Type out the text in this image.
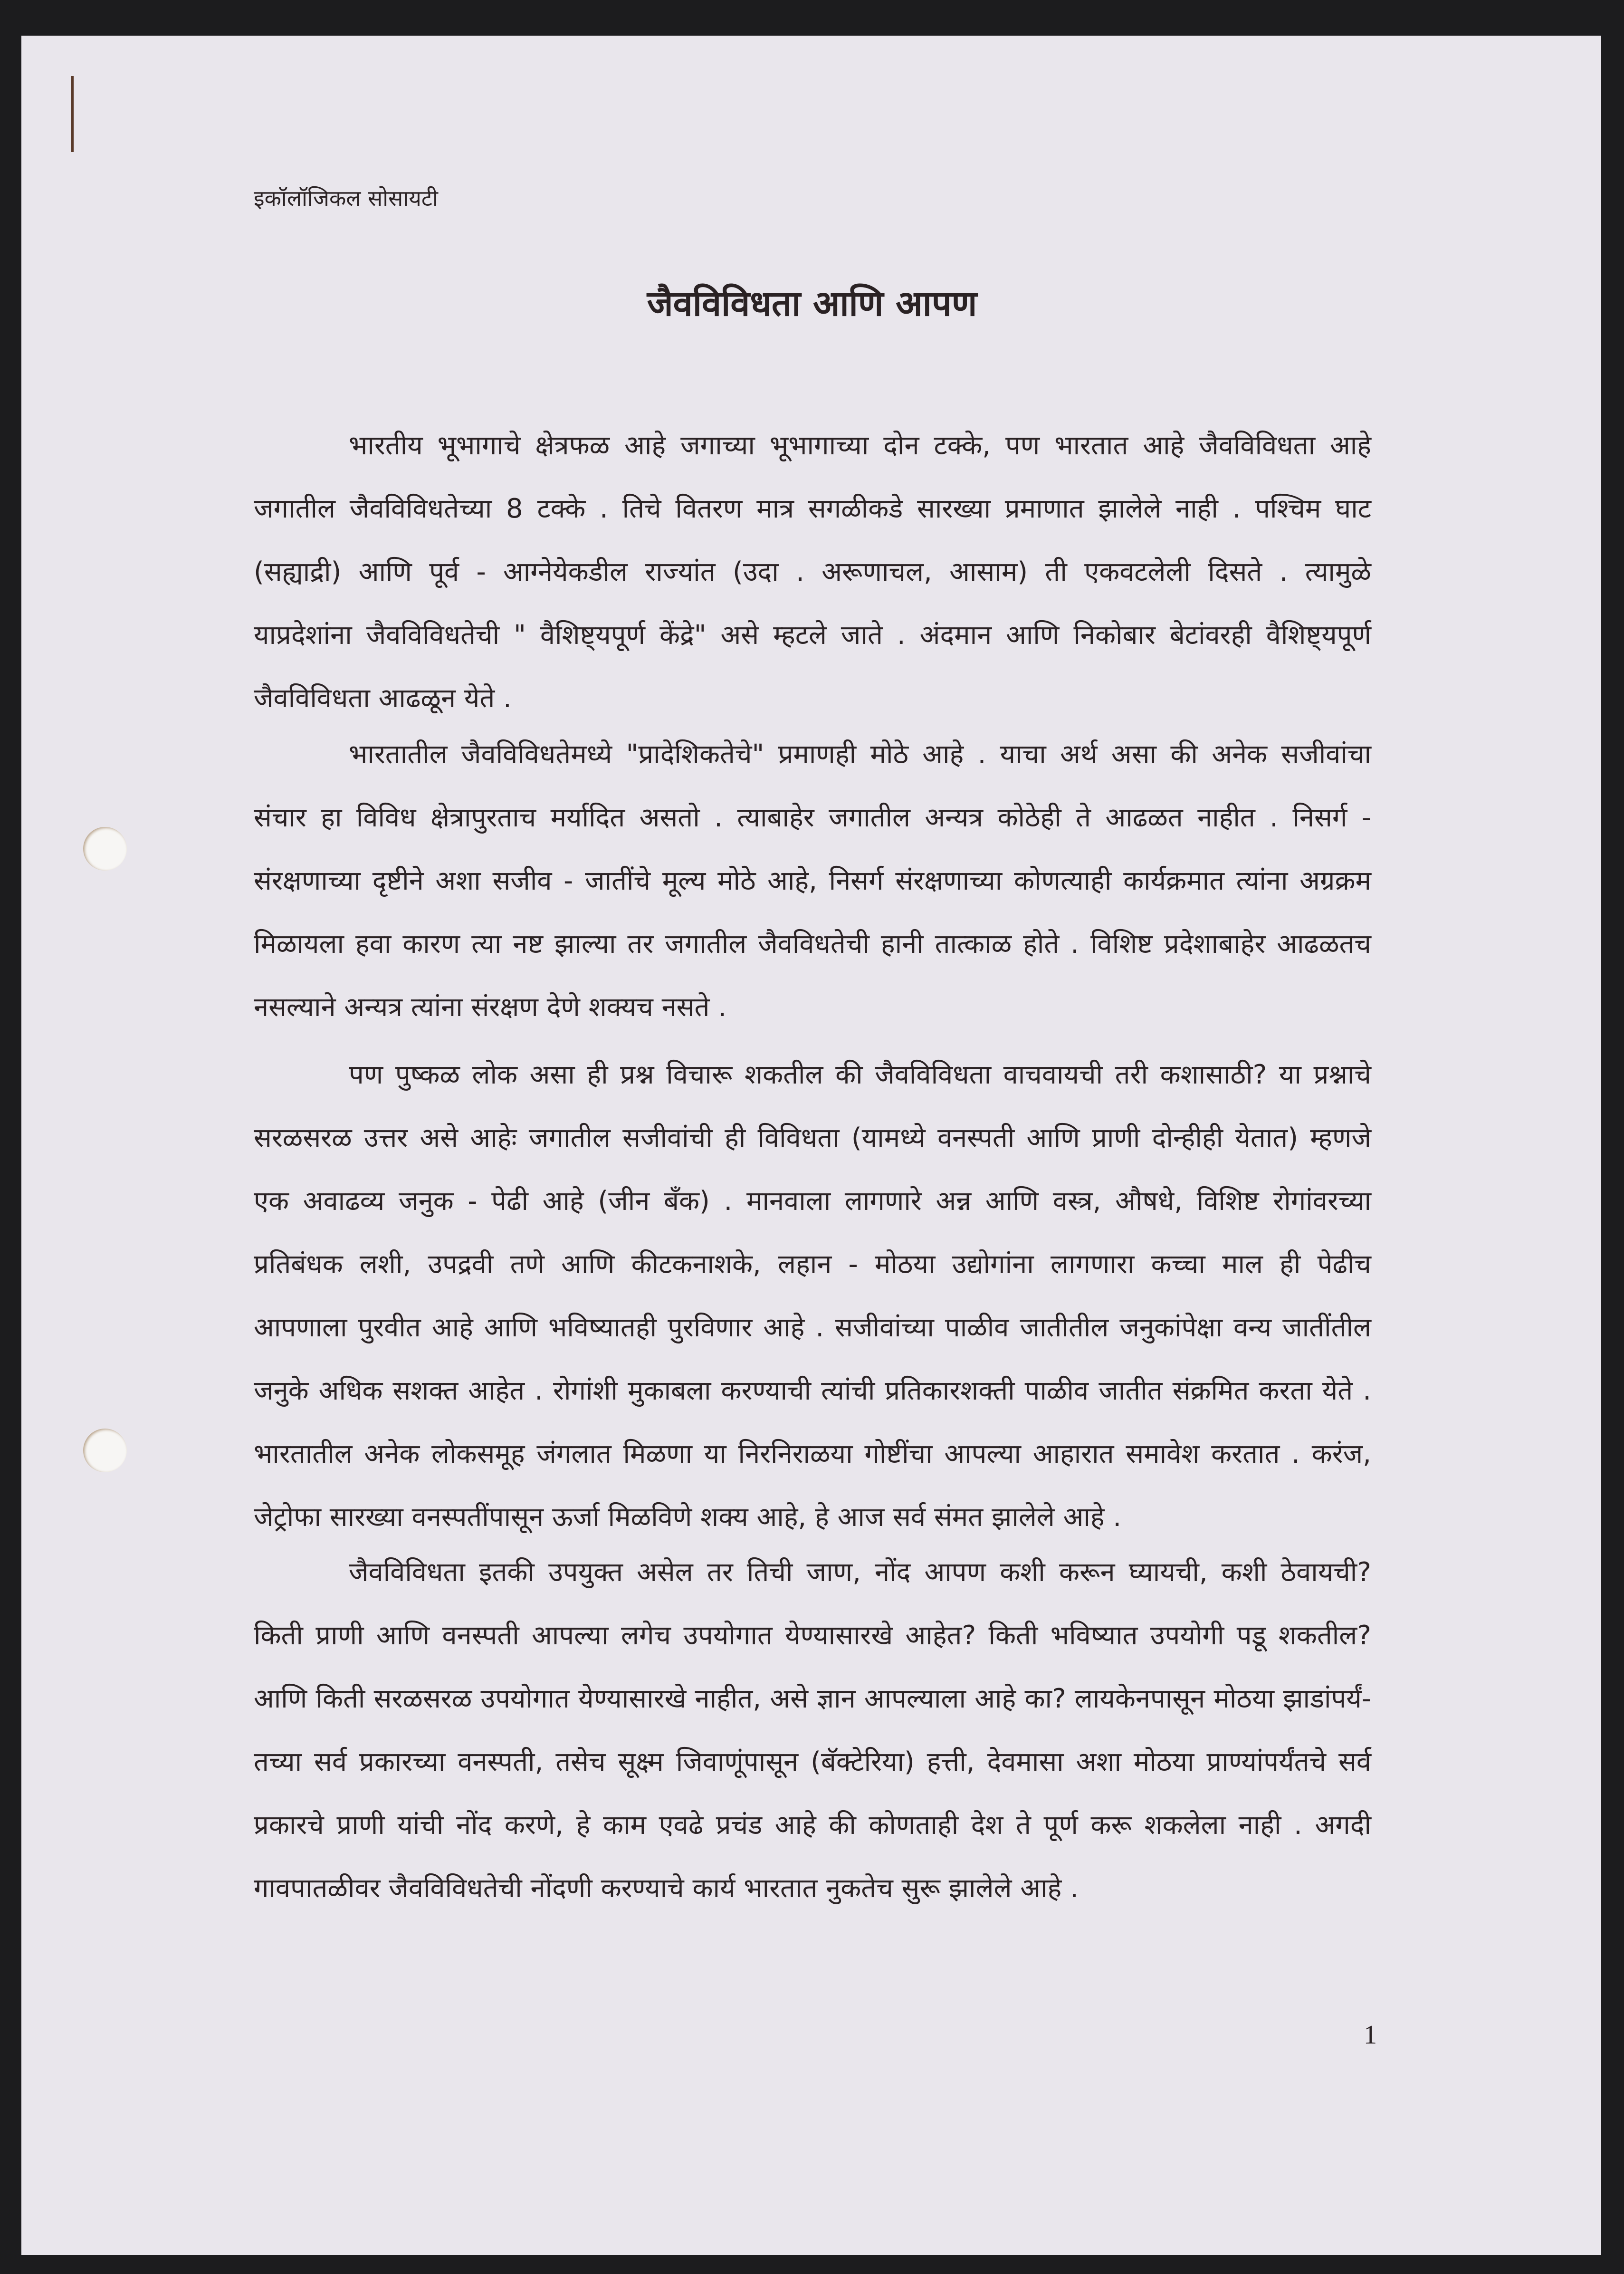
इकॉलॉजिकल सोसायटी
जैवविविधता आणि आपण
भारतीय भूभागाचे क्षेत्रफळ आहे जगाच्या भूभागाच्या दोन टक्के, पण भारतात आहे जैवविविधता आहे
जगातील जैवविविधतेच्या 8 टक्के . तिचे वितरण मात्र सगळीकडे सारख्या प्रमाणात झालेले नाही . पश्चिम घाट
(सह्याद्री) आणि पूर्व - आग्नेयेकडील राज्यांत (उदा . अरूणाचल, आसाम) ती एकवटलेली दिसते . त्यामुळे
याप्रदेशांना जैवविविधतेची " वैशिष्ट्यपूर्ण केंद्रे" असे म्हटले जाते . अंदमान आणि निकोबार बेटांवरही वैशिष्ट्यपूर्ण
जैवविविधता आढळून येते .
भारतातील जैवविविधतेमध्ये "प्रादेशिकतेचे" प्रमाणही मोठे आहे . याचा अर्थ असा की अनेक सजीवांचा
संचार हा विविध क्षेत्रापुरताच मर्यादित असतो . त्याबाहेर जगातील अन्यत्र कोठेही ते आढळत नाहीत . निसर्ग -
संरक्षणाच्या दृष्टीने अशा सजीव - जातींचे मूल्य मोठे आहे, निसर्ग संरक्षणाच्या कोणत्याही कार्यक्रमात त्यांना अग्रक्रम
मिळायला हवा कारण त्या नष्ट झाल्या तर जगातील जैवविधतेची हानी तात्काळ होते . विशिष्ट प्रदेशाबाहेर आढळतच
नसल्याने अन्यत्र त्यांना संरक्षण देणे शक्यच नसते .
पण पुष्कळ लोक असा ही प्रश्न विचारू शकतील की जैवविविधता वाचवायची तरी कशासाठी? या प्रश्नाचे
सरळसरळ उत्तर असे आहेः जगातील सजीवांची ही विविधता (यामध्ये वनस्पती आणि प्राणी दोन्हीही येतात) म्हणजे
एक अवाढव्य जनुक - पेढी आहे (जीन बँक) . मानवाला लागणारे अन्न आणि वस्त्र, औषधे, विशिष्ट रोगांवरच्या
प्रतिबंधक लशी, उपद्रवी तणे आणि कीटकनाशके, लहान - मोठया उद्योगांना लागणारा कच्चा माल ही पेढीच
आपणाला पुरवीत आहे आणि भविष्यातही पुरविणार आहे . सजीवांच्या पाळीव जातीतील जनुकांपेक्षा वन्य जातींतील
जनुके अधिक सशक्त आहेत . रोगांशी मुकाबला करण्याची त्यांची प्रतिकारशक्ती पाळीव जातीत संक्रमित करता येते .
भारतातील अनेक लोकसमूह जंगलात मिळणा या निरनिराळया गोष्टींचा आपल्या आहारात समावेश करतात . करंज,
जेट्रोफा सारख्या वनस्पतींपासून ऊर्जा मिळविणे शक्य आहे, हे आज सर्व संमत झालेले आहे .
जैवविविधता इतकी उपयुक्त असेल तर तिची जाण, नोंद आपण कशी करून घ्यायची, कशी ठेवायची?
किती प्राणी आणि वनस्पती आपल्या लगेच उपयोगात येण्यासारखे आहेत? किती भविष्यात उपयोगी पडू शकतील?
आणि किती सरळसरळ उपयोगात येण्यासारखे नाहीत, असे ज्ञान आपल्याला आहे का? लायकेनपासून मोठया झाडांपर्यं-
तच्या सर्व प्रकारच्या वनस्पती, तसेच सूक्ष्म जिवाणूंपासून (बॅक्टेरिया) हत्ती, देवमासा अशा मोठया प्राण्यांपर्यंतचे सर्व
प्रकारचे प्राणी यांची नोंद करणे, हे काम एवढे प्रचंड आहे की कोणताही देश ते पूर्ण करू शकलेला नाही . अगदी
गावपातळीवर जैवविविधतेची नोंदणी करण्याचे कार्य भारतात नुकतेच सुरू झालेले आहे .
1
